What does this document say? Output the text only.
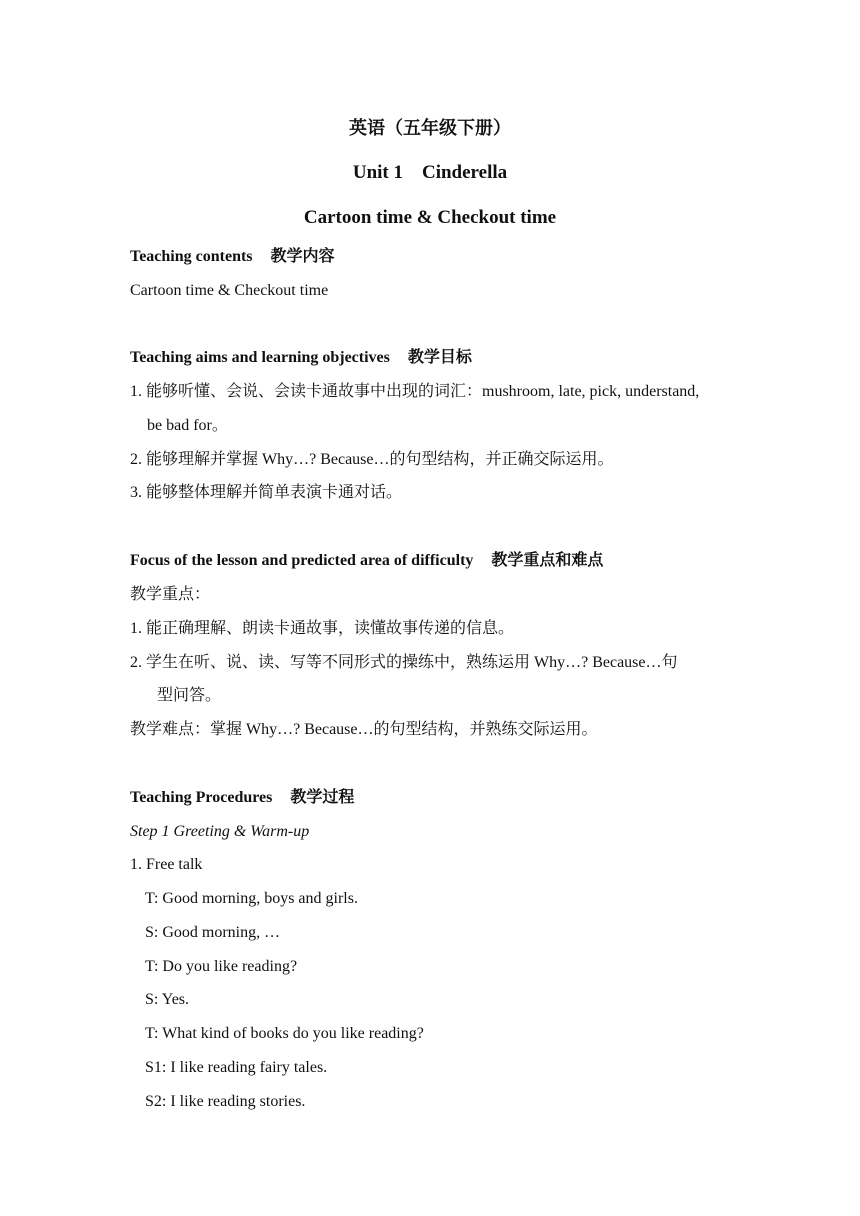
英语（五年级下册）
Unit 1    Cinderella
Cartoon time & Checkout time
Teaching contents 教学内容
Cartoon time & Checkout time
Teaching aims and learning objectives 教学目标
1. 能够听懂、会说、会读卡通故事中出现的词汇：mushroom, late, pick, understand,
be bad for。
2. 能够理解并掌握 Why…? Because…的句型结构，并正确交际运用。
3. 能够整体理解并简单表演卡通对话。
Focus of the lesson and predicted area of difficulty 教学重点和难点
教学重点：
1. 能正确理解、朗读卡通故事，读懂故事传递的信息。
2. 学生在听、说、读、写等不同形式的操练中，熟练运用 Why…? Because…句
型问答。
教学难点：掌握 Why…? Because…的句型结构，并熟练交际运用。
Teaching Procedures 教学过程
Step 1 Greeting & Warm-up
1. Free talk
T: Good morning, boys and girls.
S: Good morning, …
T: Do you like reading?
S: Yes.
T: What kind of books do you like reading?
S1: I like reading fairy tales.
S2: I like reading stories.
